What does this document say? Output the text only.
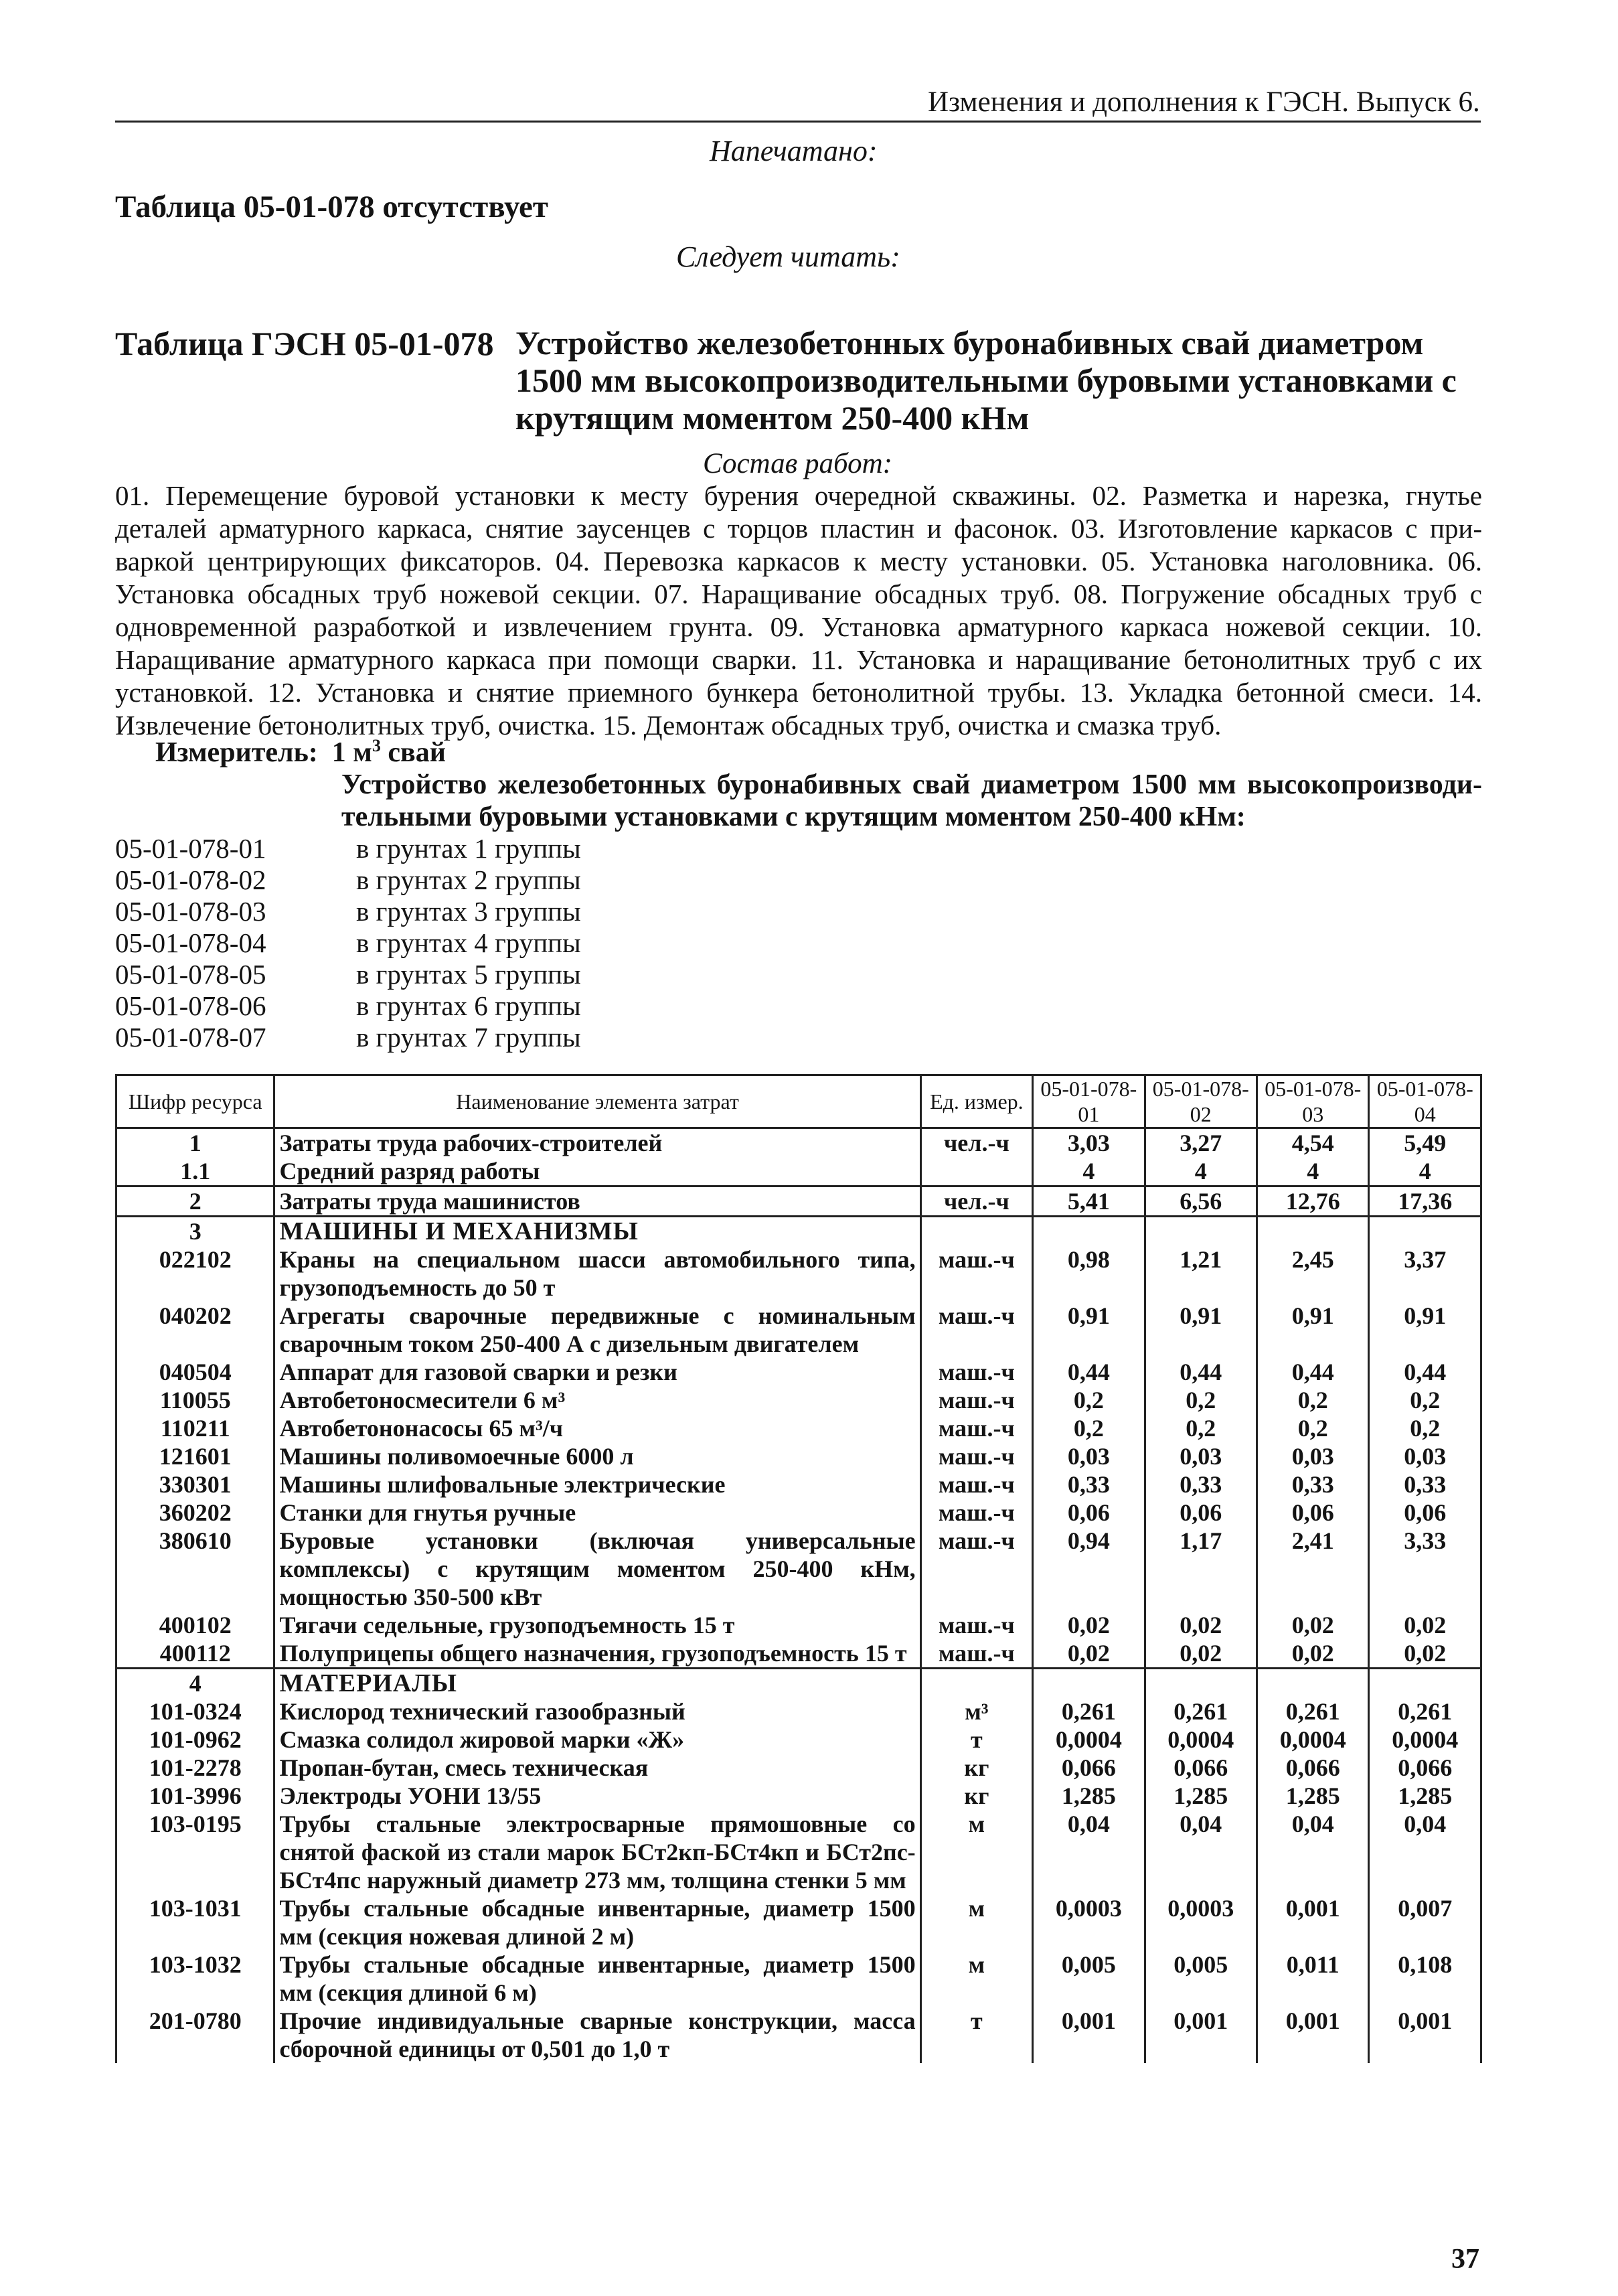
Изменения и дополнения к ГЭСН. Выпуск 6.
Напечатано:
Таблица 05-01-078 отсутствует
Следует читать:
Таблица ГЭСН 05-01-078 Устройство железобетонных буронабивных свай диаметром
1500 мм высокопроизводительными буровыми установками с
крутящим моментом 250-400 кНм
Состав работ:
01. Перемещение буровой установки к месту бурения очередной скважины. 02. Разметка и нарезка, гнутье
деталей арматурного каркаса, снятие заусенцев с торцов пластин и фасонок. 03. Изготовление каркасов с при-
варкой центрирующих фиксаторов. 04. Перевозка каркасов к месту установки. 05. Установка наголовника. 06.
Установка обсадных труб ножевой секции. 07. Наращивание обсадных труб. 08. Погружение обсадных труб с
одновременной разработкой и извлечением грунта. 09. Установка арматурного каркаса ножевой секции. 10.
Наращивание арматурного каркаса при помощи сварки. 11. Установка и наращивание бетонолитных труб с их
установкой. 12. Установка и снятие приемного бункера бетонолитной трубы. 13. Укладка бетонной смеси. 14.
Извлечение бетонолитных труб, очистка. 15. Демонтаж обсадных труб, очистка и смазка труб.
Измеритель: 1 $м^3$ свай
Устройство железобетонных буронабивных свай диаметром 1500 мм высокопроизводи-
тельными буровыми установками с крутящим моментом 250-400 кНм:
05-01-078-01	в грунтах 1 группы
05-01-078-02	в грунтах 2 группы
05-01-078-03	в грунтах 3 группы
05-01-078-04	в грунтах 4 группы
05-01-078-05	в грунтах 5 группы
05-01-078-06	в грунтах 6 группы
05-01-078-07	в грунтах 7 группы
Шифр ресурса	Наименование элемента затрат	Ед. измер.	05-01-078-01	05-01-078-02	05-01-078-03	05-01-078-04
1	Затраты труда рабочих-строителей	чел.-ч	3,03	3,27	4,54	5,49
1.1	Средний разряд работы		4	4	4	4
2	Затраты труда машинистов	чел.-ч	5,41	6,56	12,76	17,36
3	МАШИНЫ И МЕХАНИЗМЫ					
022102	Краны на специальном шасси автомобильного типа, грузоподъемность до 50 т	маш.-ч	0,98	1,21	2,45	3,37
040202	Агрегаты сварочные передвижные с номинальным сварочным током 250-400 А с дизельным двигателем	маш.-ч	0,91	0,91	0,91	0,91
040504	Аппарат для газовой сварки и резки	маш.-ч	0,44	0,44	0,44	0,44
110055	Автобетоносмесители 6 м³	маш.-ч	0,2	0,2	0,2	0,2
110211	Автобетононасосы 65 м³/ч	маш.-ч	0,2	0,2	0,2	0,2
121601	Машины поливомоечные 6000 л	маш.-ч	0,03	0,03	0,03	0,03
330301	Машины шлифовальные электрические	маш.-ч	0,33	0,33	0,33	0,33
360202	Станки для гнутья ручные	маш.-ч	0,06	0,06	0,06	0,06
380610	Буровые установки (включая универсальные комплексы) с крутящим моментом 250-400 кНм, мощностью 350-500 кВт	маш.-ч	0,94	1,17	2,41	3,33
400102	Тягачи седельные, грузоподъемность 15 т	маш.-ч	0,02	0,02	0,02	0,02
400112	Полуприцепы общего назначения, грузоподъемность 15 т	маш.-ч	0,02	0,02	0,02	0,02
4	МАТЕРИАЛЫ					
101-0324	Кислород технический газообразный	м³	0,261	0,261	0,261	0,261
101-0962	Смазка солидол жировой марки «Ж»	т	0,0004	0,0004	0,0004	0,0004
101-2278	Пропан-бутан, смесь техническая	кг	0,066	0,066	0,066	0,066
101-3996	Электроды УОНИ 13/55	кг	1,285	1,285	1,285	1,285
103-0195	Трубы стальные электросварные прямошовные со снятой фаской из стали марок БСт2кп-БСт4кп и БСт2пс-БСт4пс наружный диаметр 273 мм, толщина стенки 5 мм	м	0,04	0,04	0,04	0,04
103-1031	Трубы стальные обсадные инвентарные, диаметр 1500 мм (секция ножевая длиной 2 м)	м	0,0003	0,0003	0,001	0,007
103-1032	Трубы стальные обсадные инвентарные, диаметр 1500 мм (секция длиной 6 м)	м	0,005	0,005	0,011	0,108
201-0780	Прочие индивидуальные сварные конструкции, масса сборочной единицы от 0,501 до 1,0 т	т	0,001	0,001	0,001	0,001
37
